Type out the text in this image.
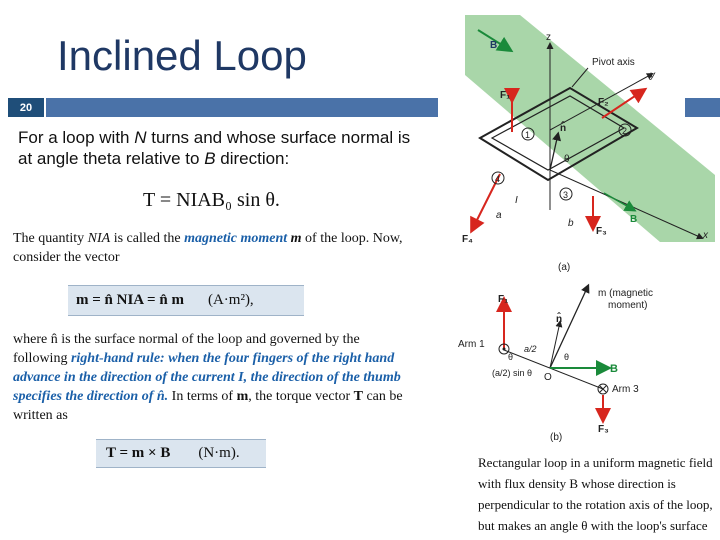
Inclined Loop
20
For a loop with N turns and whose surface normal is at angle theta relative to B direction:
T = NIAB₀ sin θ.
The quantity NIA is called the magnetic moment m of the loop. Now, consider the vector
m = n̂ NIA = n̂ m (A·m²),
where n̂ is the surface normal of the loop and governed by the following right-hand rule: when the four fingers of the right hand advance in the direction of the current I, the direction of the thumb specifies the direction of n̂. In terms of m, the torque vector T can be written as
T = m × B (N·m).
B
z
y
Pivot axis
x
n̂
θ
F₁
F₂
F₄
F₃
B
1	2
3
4
I
a
b
(a)
F₁
m (magnetic
moment)
n̂
B
Arm 1	a/2
θ	θ
O
(a/2) sin θ
Arm 3
F₃
(b)
Rectangular loop in a uniform magnetic field with flux density B whose direction is perpendicular to the rotation axis of the loop, but makes an angle θ with the loop's surface
